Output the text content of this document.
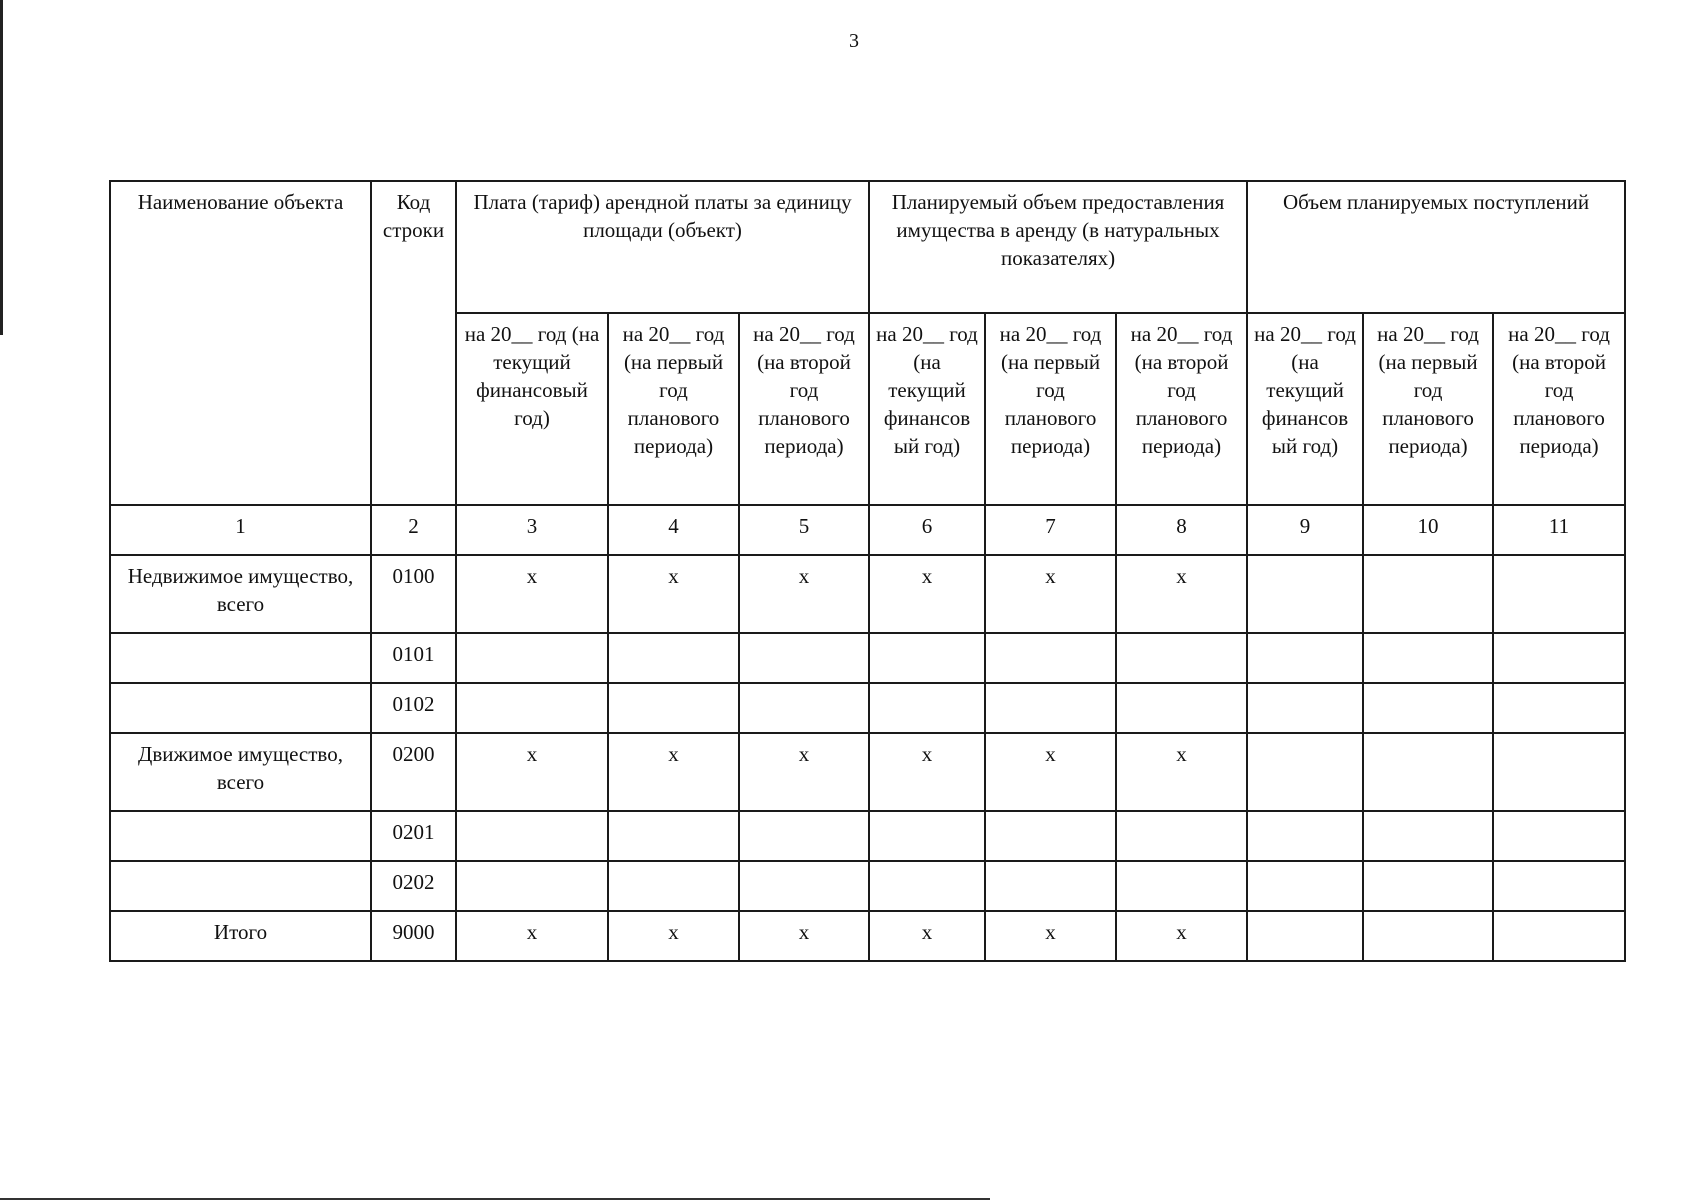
3
Наименование объекта	Код строки	Плата (тариф) арендной платы за единицу площади (объект)			Планируемый объем предоставления имущества в аренду (в натуральных показателях)			Объем планируемых поступлений		
		на 20__ год (на текущий финансовый год)	на 20__ год (на первый год планового периода)	на 20__ год (на второй год планового периода)	на 20__ год (на текущий финансов ый год)	на 20__ год (на первый год планового периода)	на 20__ год (на второй год планового периода)	на 20__ год (на текущий финансов ый год)	на 20__ год (на первый год планового периода)	на 20__ год (на второй год планового периода)
1	2	3	4	5	6	7	8	9	10	11
Недвижимое имущество, всего	0100	x	x	x	x	x	x			
	0101									
	0102									
Движимое имущество, всего	0200	x	x	x	x	x	x			
	0201									
	0202									
Итого	9000	x	x	x	x	x	x			
